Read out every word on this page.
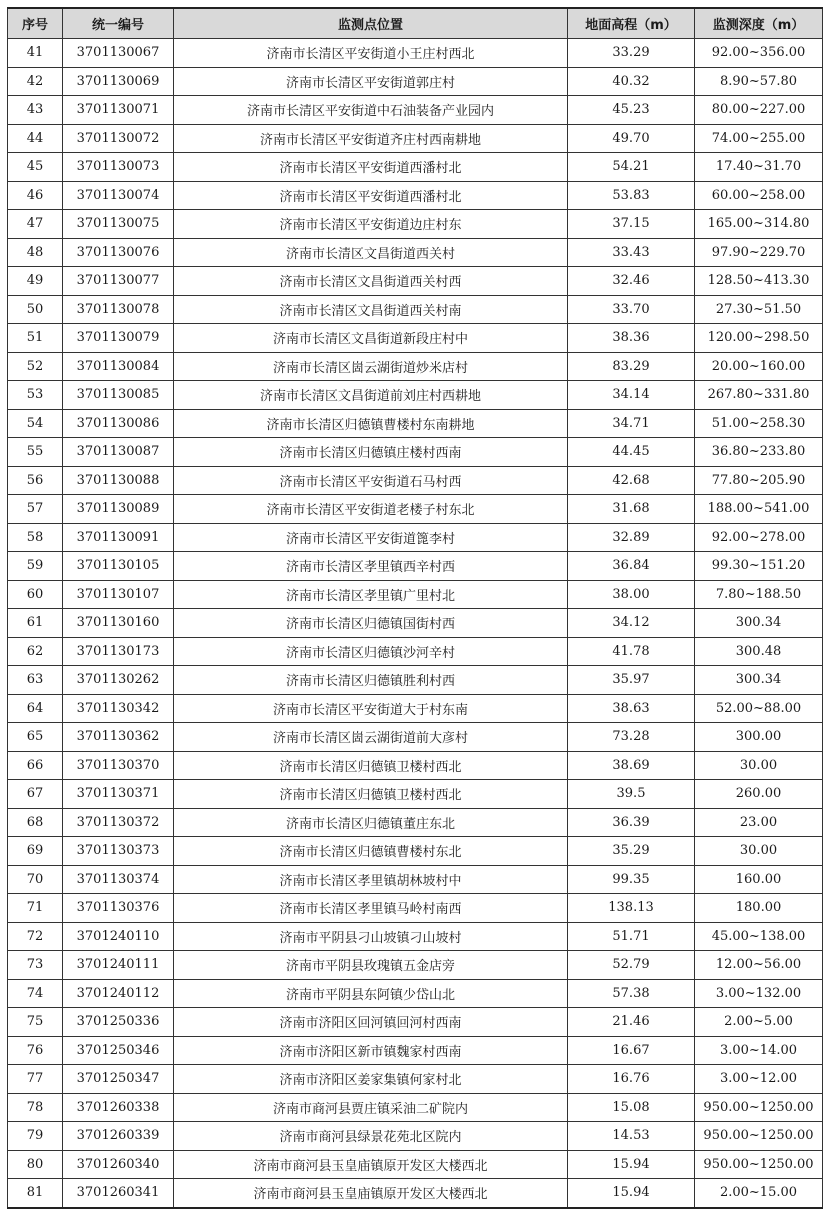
序号	统一编号	监测点位置	地面高程（m）	监测深度（m）
41	3701130067	济南市长清区平安街道小王庄村西北	33.29	92.00~356.00
42	3701130069	济南市长清区平安街道郭庄村	40.32	8.90~57.80
43	3701130071	济南市长清区平安街道中石油装备产业园内	45.23	80.00~227.00
44	3701130072	济南市长清区平安街道齐庄村西南耕地	49.70	74.00~255.00
45	3701130073	济南市长清区平安街道西潘村北	54.21	17.40~31.70
46	3701130074	济南市长清区平安街道西潘村北	53.83	60.00~258.00
47	3701130075	济南市长清区平安街道边庄村东	37.15	165.00~314.80
48	3701130076	济南市长清区文昌街道西关村	33.43	97.90~229.70
49	3701130077	济南市长清区文昌街道西关村西	32.46	128.50~413.30
50	3701130078	济南市长清区文昌街道西关村南	33.70	27.30~51.50
51	3701130079	济南市长清区文昌街道新段庄村中	38.36	120.00~298.50
52	3701130084	济南市长清区崮云湖街道炒米店村	83.29	20.00~160.00
53	3701130085	济南市长清区文昌街道前刘庄村西耕地	34.14	267.80~331.80
54	3701130086	济南市长清区归德镇曹楼村东南耕地	34.71	51.00~258.30
55	3701130087	济南市长清区归德镇庄楼村西南	44.45	36.80~233.80
56	3701130088	济南市长清区平安街道石马村西	42.68	77.80~205.90
57	3701130089	济南市长清区平安街道老楼子村东北	31.68	188.00~541.00
58	3701130091	济南市长清区平安街道篦李村	32.89	92.00~278.00
59	3701130105	济南市长清区孝里镇西辛村西	36.84	99.30~151.20
60	3701130107	济南市长清区孝里镇广里村北	38.00	7.80~188.50
61	3701130160	济南市长清区归德镇国街村西	34.12	300.34
62	3701130173	济南市长清区归德镇沙河辛村	41.78	300.48
63	3701130262	济南市长清区归德镇胜利村西	35.97	300.34
64	3701130342	济南市长清区平安街道大于村东南	38.63	52.00~88.00
65	3701130362	济南市长清区崮云湖街道前大彦村	73.28	300.00
66	3701130370	济南市长清区归德镇卫楼村西北	38.69	30.00
67	3701130371	济南市长清区归德镇卫楼村西北	39.5	260.00
68	3701130372	济南市长清区归德镇董庄东北	36.39	23.00
69	3701130373	济南市长清区归德镇曹楼村东北	35.29	30.00
70	3701130374	济南市长清区孝里镇胡林坡村中	99.35	160.00
71	3701130376	济南市长清区孝里镇马岭村南西	138.13	180.00
72	3701240110	济南市平阴县刁山坡镇刁山坡村	51.71	45.00~138.00
73	3701240111	济南市平阴县玫瑰镇五金店旁	52.79	12.00~56.00
74	3701240112	济南市平阴县东阿镇少岱山北	57.38	3.00~132.00
75	3701250336	济南市济阳区回河镇回河村西南	21.46	2.00~5.00
76	3701250346	济南市济阳区新市镇魏家村西南	16.67	3.00~14.00
77	3701250347	济南市济阳区姜家集镇何家村北	16.76	3.00~12.00
78	3701260338	济南市商河县贾庄镇采油二矿院内	15.08	950.00~1250.00
79	3701260339	济南市商河县绿景花苑北区院内	14.53	950.00~1250.00
80	3701260340	济南市商河县玉皇庙镇原开发区大楼西北	15.94	950.00~1250.00
81	3701260341	济南市商河县玉皇庙镇原开发区大楼西北	15.94	2.00~15.00
